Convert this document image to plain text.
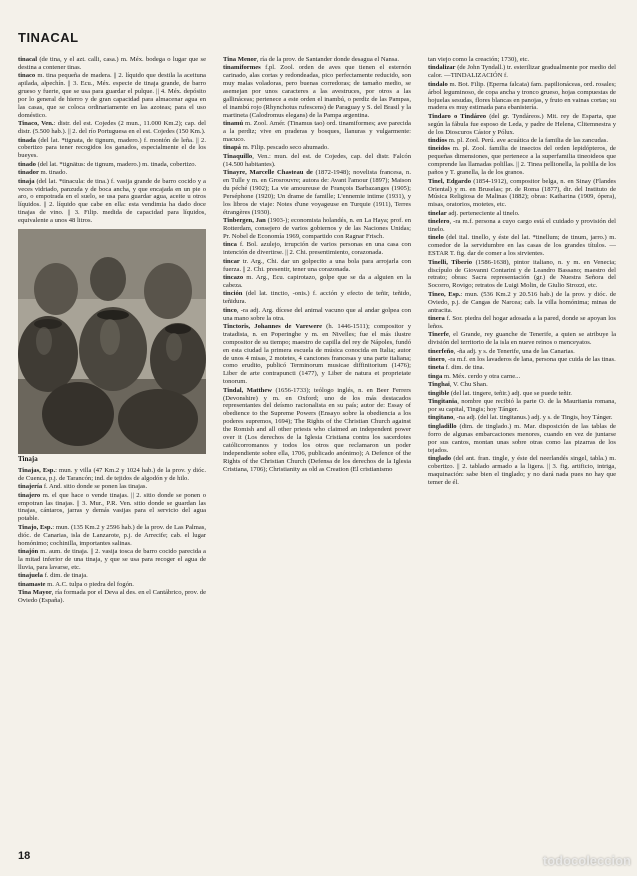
TINACAL

tinacal (de tina, y el azt. calli, casa.) m. Méx. bodega o lugar que se destina a contener tinas.

tinaco m. tina pequeña de madera. || 2. líquido que destila la aceituna apilada, alpechín. || 3. Ecu., Méx. especie de tinaja grande, de barro grueso y fuerte, que se usa para guardar el pulque. || 4. Méx. depósito por lo general de hierro y de gran capacidad para almacenar agua en las casas, que se coloca ordinariamente en las azoteas; para el uso doméstico.

Tinaco, Ven.: distr. del est. Cojedes (2 mun., 11.000 Km.2); cap. del distr. (5.500 hab.). || 2. del río Portuguesa en el est. Cojedes (150 Km.).

tinada (del lat. *tignata, de tignum, madero.) f. montón de leña. || 2. cobertizo para tener recogidos los ganados, especialmente el de los bueyes.

tinado (del lat. *tignātus: de tignum, madero.) m. tinada, cobertizo.

tinador m. tinado.

tinaja (del lat. *tinacula: de tina.) f. vasija grande de barro cocido y a veces vidriado, panzuda y de boca ancha, y que encajada en un pie o aro, o empotrada en el suelo, se usa para guardar agua, aceite u otros líquidos. || 2. líquido que cabe en ella: esta vendimia ha dado doce tinajas de vino. || 3. Filip. medida de capacidad para líquidos, equivalente a unos 48 litros.

Tinaja

Tinajas, Esp.: mun. y villa (47 Km.2 y 1024 hab.) de la prov. y dióc. de Cuenca, p.j. de Tarancón; ind. de tejidos de algodón y de hilo.

tinajería f. And. sitio donde se ponen las tinajas.

tinajero m. el que hace o vende tinajas. || 2. sitio donde se ponen o empotran las tinajas. || 3. Mur., P.R. Ven. sitio donde se guardan las tinajas, cántaros, jarras y demás vasijas para el servicio del agua potable.

Tinajo, Esp.: mun. (135 Km.2 y 2596 hab.) de la prov. de Las Palmas, dióc. de Canarias, isla de Lanzarote, p.j. de Arrecife; cab. el lugar homónimo; cochinilla, importantes salinas.

tinajón m. aum. de tinaja. || 2. vasija tosca de barro cocido parecida a la mitad inferior de una tinaja, y que se usa para recoger el agua de lluvia, para lavarse, etc.

tinajuela f. dim. de tinaja.

tinamaste m. A.C. tulpa o piedra del fogón.

Tina Mayor, ría formada por el Deva al des. en el Cantábrico, prov. de Oviedo (España).

Tina Menor, ría de la prov. de Santander donde desagua el Nansa.

tinamiformes f.pl. Zool. orden de aves que tienen el esternón carinado, alas cortas y redondeadas, pico perfectamente reducido, son muy malas voladoras, pero buenas corredoras; de tamaño medio, se asemejan por unos caracteres a las avestruces, por otros a las gallináceas; pertenece a este orden el inambú, o perdiz de las Pampas, el inambú rojo (Rhynchotus rufescens) de Paraguay y S. del Brasil y la martineta (Calodromus elegans) de la Pampa argentina.

tinamú m. Zool. Amér. (Tinamus tao) ord. tinamiformes; ave parecida a la perdiz; vive en praderas y bosques, llanuras y vulgarmente: macuco.

tinapá m. Filip. pescado seco ahumado.

Tinaquillo, Ven.: mun. del est. de Cojedes, cap. del distr. Falcón (14.500 habitantes).

Tinayre, Marcelle Chasteau de (1872-1948); novelista francesa, n. en Tulle y m. en Grosrouvre; autora de: Avant l'amour (1897); Maison du péché (1902); La vie amoureuse de François Barbazanges (1905); Perséphone (1920); Un drame de famille; L'ennemie intime (1931), y los libros de viaje: Notes d'une voyageuse en Turquie (1911), Terres étrangères (1930).

Tinbergen, Jan (1903-); economista holandés, n. en La Haya; prof. en Rotterdam, consejero de varios gobiernos y de las Naciones Unidas; Pr. Nobel de Economía 1969, compartido con Ragnar Frisch.

tinca f. Bol. azulejo, irrupción de varios personas en una casa con intención de divertirse. || 2. Chi. presentimiento, corazonada.

tincar tr. Arg., Chi. dar un golpecito a una bola para arrojarla con fuerza. || 2. Chi. presentir, tener una corazonada.

tincazo m. Arg., Ecu. capirotazo, golpe que se da a alguien en la cabeza.

tinción (del lat. tinctio, -onis.) f. acción y efecto de teñir, teñido, teñidura.

tinco, -ra adj. Arg. dícese del animal vacuno que al andar golpea con una mano sobre la otra.

Tinctoris, Johannes de Varewere (h. 1446-1511); compositor y tratadista, n. en Poperinghe y m. en Nivelles; fue el más ilustre compositor de su tiempo; maestro de capilla del rey de Nápoles, fundó en esta ciudad la primera escuela de música conocida en Italia; autor de unos 4 misas, 2 motetes, 4 canciones francesas y una parte italiana; como erudito, publicó Terminorum musicae diffinitorium (1476); Liber de arte contrapuncti (1477), y Liber de natura et proprietate tonorum.

Tindal, Matthew (1656-1733); teólogo inglés, n. en Beer Ferrers (Devonshire) y m. en Oxford; uno de los más destacados representantes del deísmo racionalista en su país; autor de: Essay of obedience to the Supreme Powers (Ensayo sobre la obediencia a los poderes supremos, 1694); The Rights of the Christian Church against the Romish and all other priests who claimed an independent power over it (Los derechos de la Iglesia Cristiana contra los sacerdotes católicorromanos y todos los otros que reclamaron un poder independiente sobre ella, 1706, publicado anónimo); A Defence of the Rights of the Christian Church (Defensa de los derechos de la Iglesia Cristiana, 1706); Christianity as old as Creation (El cristianismo

tan viejo como la creación; 1730), etc.

tindalizar (de John Tyndall.) tr. esterilizar gradualmente por medio del calor. —TINDALIZACIÓN f.

tindalo m. Bot. Filip. (Eperna falcata) fam. papilionáceas, ord. rosales; árbol leguminoso, de copa ancha y tronco grueso, hojas compuestas de hojuelas sesudas, flores blancas en panojas, y fruto en vainas cortas; su madera es muy estimada para ebanistería.

Tindaro o Tindáreo (del gr. Tyndáreos.) Mit. rey de Esparta, que según la fábula fue esposo de Leda, y padre de Helena, Clitemnestra y de los Dioscuros Cástor y Pólux.

tindíos m. pl. Zool. Perú. ave acuática de la familia de las zancudas.

tineidos m. pl. Zool. familia de insectos del orden lepidópteros, de pequeñas dimensiones, que pertenece a la superfamilia tineoideos que comprende las llamadas polillas. || 2. Tinea pellionella, la polilla de los paños y T. granella, la de los granos.

Tinel, Edgardo (1854-1912), compositor belga, n. en Sinay (Flandes Oriental) y m. en Bruselas; pr. de Roma (1877), dir. del Instituto de Música Religiosa de Malinas (1882); obras: Katharina (1909, ópera), misas, oratorios, motetes, etc.

tinelar adj. perteneciente al tinelo.

tinelero, -ra m.f. persona a cuyo cargo está el cuidado y provisión del tinelo.

tinelo (del ital. tinello, y éste del lat. *tinellum; de tinum, jarro.) m. comedor de la servidumbre en las casas de los grandes títulos. —ESTAR T. fig. dar de comer a los sirvientes.

Tinelli, Tiberio (1586-1638), pintor italiano, n. y m. en Venecia; discípulo de Giovanni Contarini y de Leandro Bassano; maestro del retrato; obras: Sacra representación (gr.) de Nuestra Señora del Socorro, Rovigo; retratos de Luigi Molin, de Giulio Strozzi, etc.

Tineo, Esp.: mun. (536 Km.2 y 20.516 hab.) de la prov. y dióc. de Oviedo, p.j. de Cangas de Narcea; cab. la villa homónima; minas de antracita.

tinera f. Sor. piedra del hogar adosada a la pared, donde se apoyan los leños.

Tinerfe, el Grande, rey guanche de Tenerife, a quien se atribuye la división del territorio de la isla en nueve reinos o menceyatos.

tinerfeño, -ña adj. y s. de Tenerife, una de las Canarias.

tinero, -ra m.f. en los lavaderos de lana, persona que cuida de las tinas.

tineta f. dim. de tina.

tinga m. Méx. cerdo y otra carne...

Tinghai, V. Chu Shan.

tingible (del lat. tingere, teñir.) adj. que se puede teñir.

Tingitania, nombre que recibió la parte O. de la Mauritania romana, por su capital, Tingis; hoy Tánger.

tingitano, -na adj. (del lat. tingitanus.) adj. y s. de Tingis, hoy Tánger.

tingladillo (dim. de tinglado.) m. Mar. disposición de las tablas de forro de algunas embarcaciones menores, cuando en vez de juntarse por sus cantos, montan unas sobre otras como las pizarras de los tejados.

tinglado (del ant. fran. tingle, y éste del neerlandés singel, tabla.) m. cobertizo. || 2. tablado armado a la ligera. || 3. fig. artificio, intriga, maquinación: sabe bien el tinglado; y no dará nada pues no hay que temer de él.

18	todocoleccion
